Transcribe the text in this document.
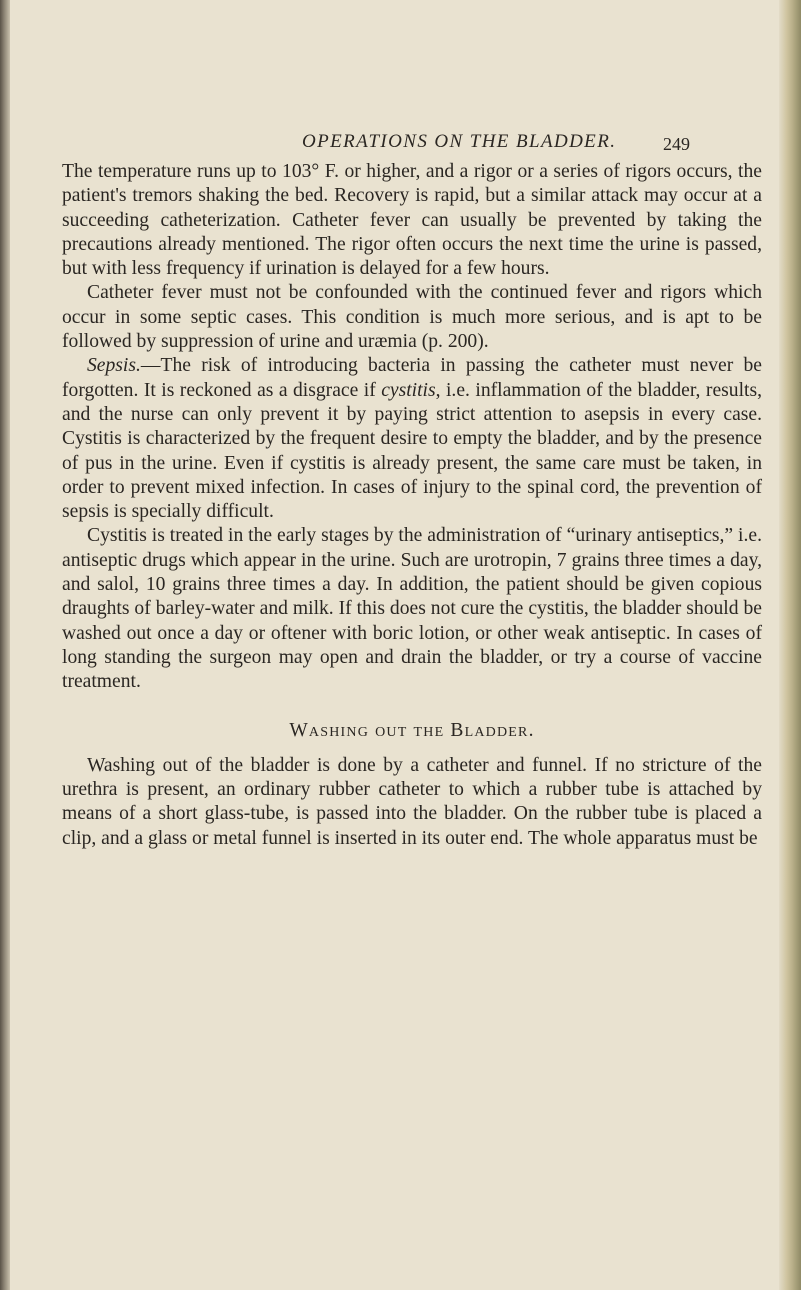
OPERATIONS ON THE BLADDER.	249

The temperature runs up to 103° F. or higher, and a rigor or a series of rigors occurs, the patient's tremors shaking the bed. Recovery is rapid, but a similar attack may occur at a succeeding catheterization. Catheter fever can usually be prevented by taking the precautions already mentioned. The rigor often occurs the next time the urine is passed, but with less frequency if urination is delayed for a few hours.

Catheter fever must not be confounded with the continued fever and rigors which occur in some septic cases. This condition is much more serious, and is apt to be followed by suppression of urine and uræmia (p. 200).

Sepsis.—The risk of introducing bacteria in passing the catheter must never be forgotten. It is reckoned as a disgrace if cystitis, i.e. inflammation of the bladder, results, and the nurse can only prevent it by paying strict attention to asepsis in every case. Cystitis is characterized by the frequent desire to empty the bladder, and by the presence of pus in the urine. Even if cystitis is already present, the same care must be taken, in order to prevent mixed infection. In cases of injury to the spinal cord, the prevention of sepsis is specially difficult.

Cystitis is treated in the early stages by the administration of “urinary antiseptics,” i.e. antiseptic drugs which appear in the urine. Such are urotropin, 7 grains three times a day, and salol, 10 grains three times a day. In addition, the patient should be given copious draughts of barley-water and milk. If this does not cure the cystitis, the bladder should be washed out once a day or oftener with boric lotion, or other weak antiseptic. In cases of long standing the surgeon may open and drain the bladder, or try a course of vaccine treatment.

Washing out the Bladder.

Washing out of the bladder is done by a catheter and funnel. If no stricture of the urethra is present, an ordinary rubber catheter to which a rubber tube is attached by means of a short glass-tube, is passed into the bladder. On the rubber tube is placed a clip, and a glass or metal funnel is inserted in its outer end. The whole apparatus must be
